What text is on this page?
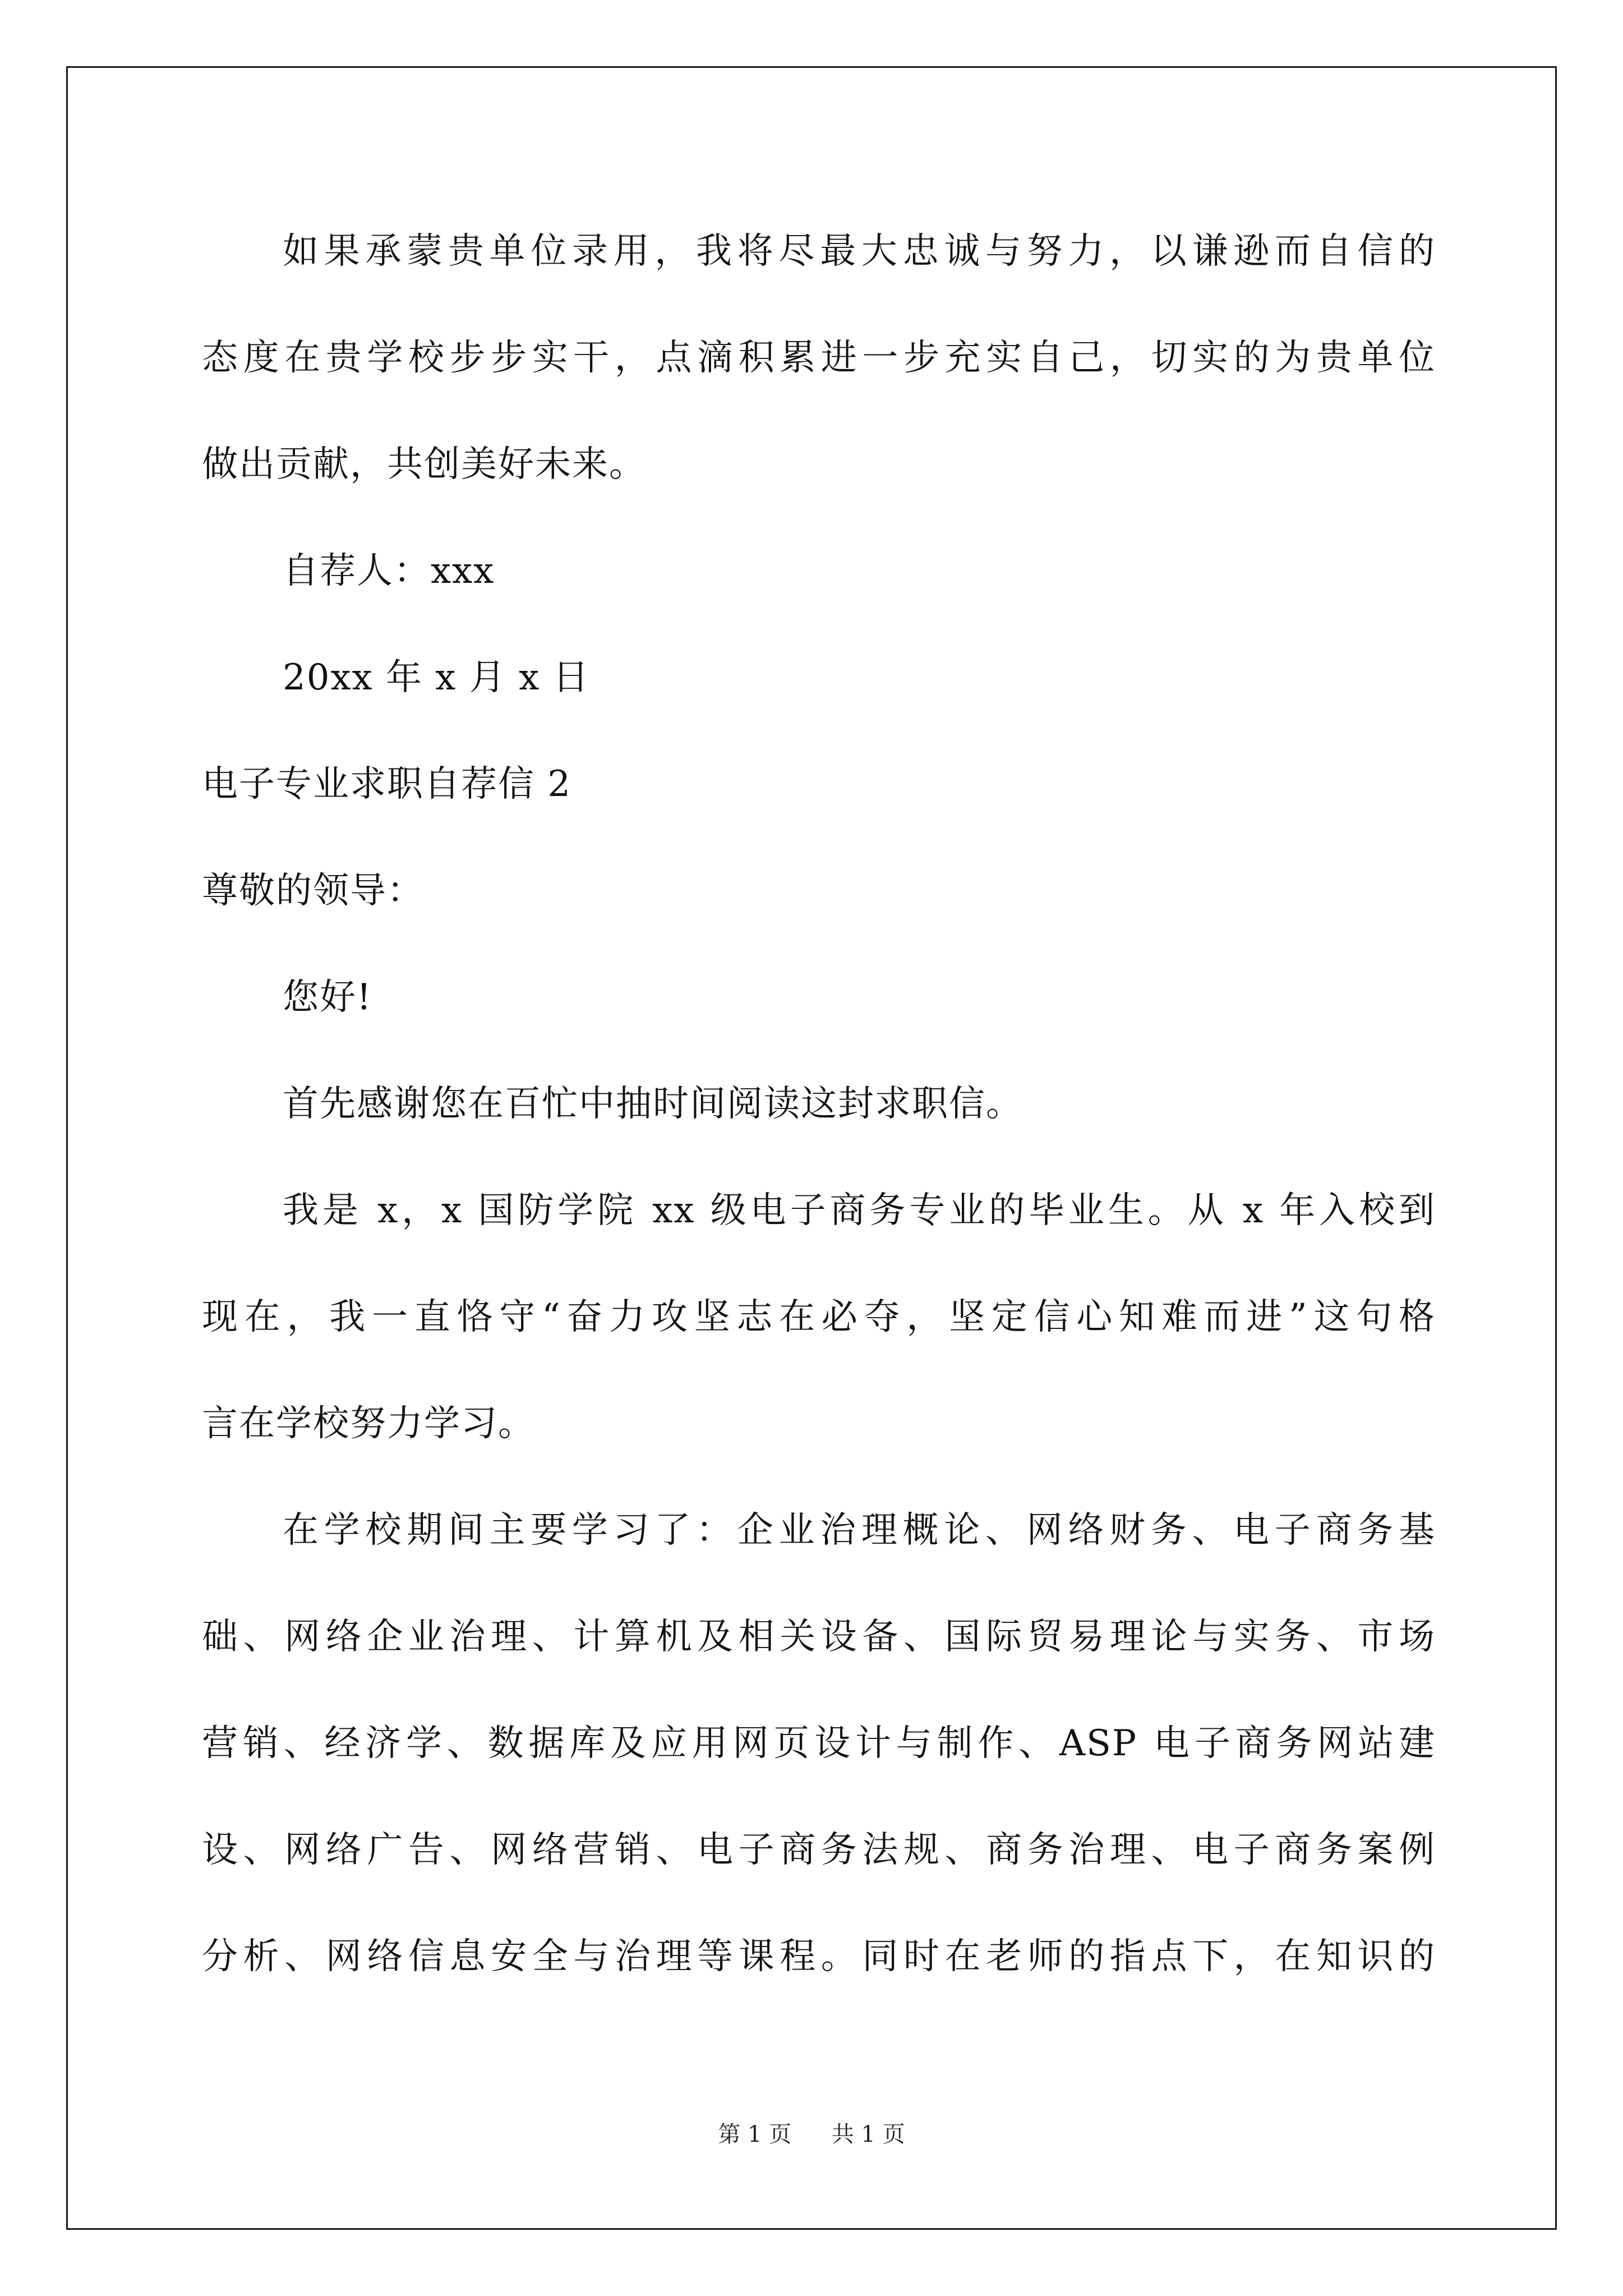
如果承蒙贵单位录用，我将尽最大忠诚与努力，以谦逊而自信的
态度在贵学校步步实干，点滴积累进一步充实自己，切实的为贵单位
做出贡献，共创美好未来。
自荐人：xxx
20xx 年 x 月 x 日
电子专业求职自荐信 2
尊敬的领导：
您好!
首先感谢您在百忙中抽时间阅读这封求职信。
我是 x，x 国防学院 xx 级电子商务专业的毕业生。从 x 年入校到
现在，我一直恪守“奋力攻坚志在必夺，坚定信心知难而进”这句格
言在学校努力学习。
在学校期间主要学习了：企业治理概论、网络财务、电子商务基
础、网络企业治理、计算机及相关设备、国际贸易理论与实务、市场
营销、经济学、数据库及应用网页设计与制作、ASP 电子商务网站建
设、网络广告、网络营销、电子商务法规、商务治理、电子商务案例
分析、网络信息安全与治理等课程。同时在老师的指点下，在知识的
第 1 页 共 1 页
